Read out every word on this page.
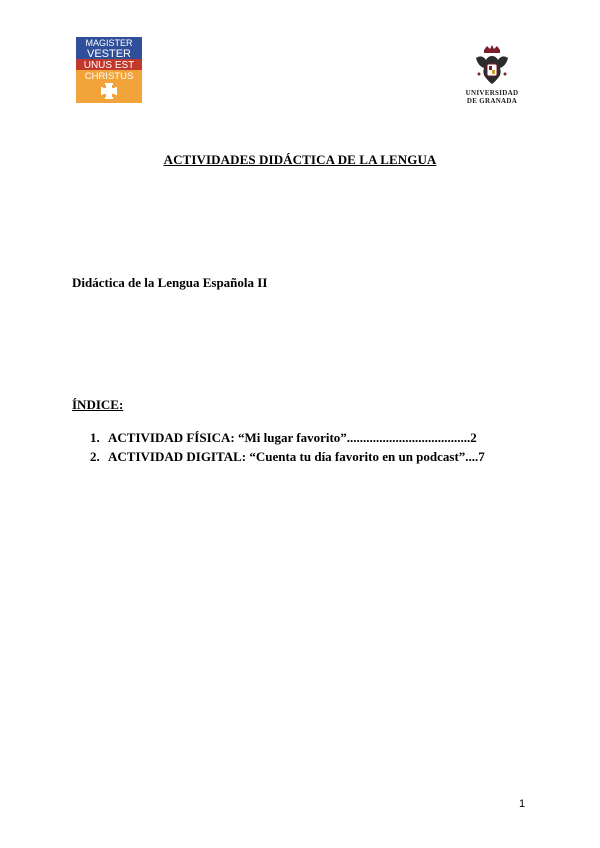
MAGISTER
VESTER
UNUS EST
CHRISTUS
UNIVERSIDAD
DE GRANADA
ACTIVIDADES DIDÁCTICA DE LA LENGUA
Didáctica de la Lengua Española II
ÍNDICE:
1. ACTIVIDAD FÍSICA: “Mi lugar favorito”......................................2
2. ACTIVIDAD DIGITAL: “Cuenta tu día favorito en un podcast”....7
1
